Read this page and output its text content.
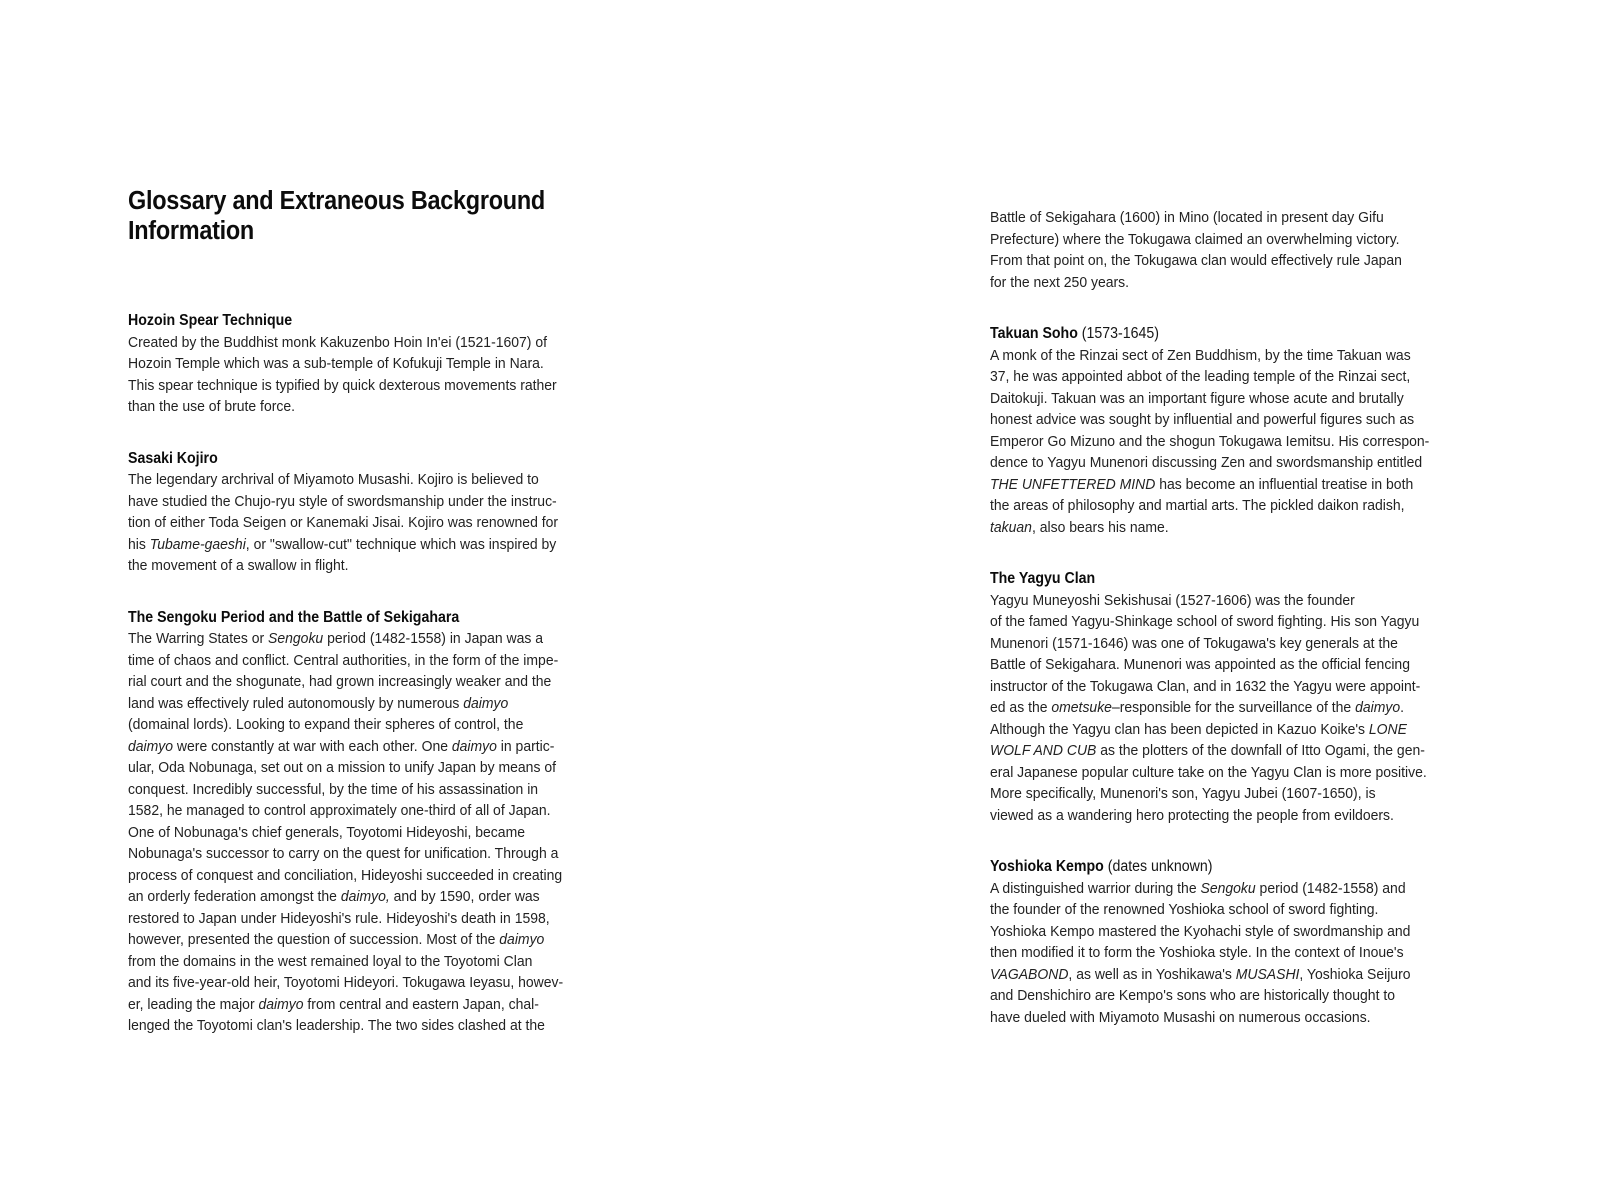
Glossary and Extraneous Background
Information
Hozoin Spear Technique
Created by the Buddhist monk Kakuzenbo Hoin In'ei (1521-1607) of
Hozoin Temple which was a sub-temple of Kofukuji Temple in Nara.
This spear technique is typified by quick dexterous movements rather
than the use of brute force.
Sasaki Kojiro
The legendary archrival of Miyamoto Musashi. Kojiro is believed to
have studied the Chujo-ryu style of swordsmanship under the instruc-
tion of either Toda Seigen or Kanemaki Jisai. Kojiro was renowned for
his Tubame-gaeshi, or "swallow-cut" technique which was inspired by
the movement of a swallow in flight.
The Sengoku Period and the Battle of Sekigahara
The Warring States or Sengoku period (1482-1558) in Japan was a
time of chaos and conflict. Central authorities, in the form of the impe-
rial court and the shogunate, had grown increasingly weaker and the
land was effectively ruled autonomously by numerous daimyo
(domainal lords). Looking to expand their spheres of control, the
daimyo were constantly at war with each other. One daimyo in partic-
ular, Oda Nobunaga, set out on a mission to unify Japan by means of
conquest. Incredibly successful, by the time of his assassination in
1582, he managed to control approximately one-third of all of Japan.
One of Nobunaga's chief generals, Toyotomi Hideyoshi, became
Nobunaga's successor to carry on the quest for unification. Through a
process of conquest and conciliation, Hideyoshi succeeded in creating
an orderly federation amongst the daimyo, and by 1590, order was
restored to Japan under Hideyoshi's rule. Hideyoshi's death in 1598,
however, presented the question of succession. Most of the daimyo
from the domains in the west remained loyal to the Toyotomi Clan
and its five-year-old heir, Toyotomi Hideyori. Tokugawa Ieyasu, howev-
er, leading the major daimyo from central and eastern Japan, chal-
lenged the Toyotomi clan's leadership. The two sides clashed at the
Battle of Sekigahara (1600) in Mino (located in present day Gifu
Prefecture) where the Tokugawa claimed an overwhelming victory.
From that point on, the Tokugawa clan would effectively rule Japan
for the next 250 years.
Takuan Soho (1573-1645)
A monk of the Rinzai sect of Zen Buddhism, by the time Takuan was
37, he was appointed abbot of the leading temple of the Rinzai sect,
Daitokuji. Takuan was an important figure whose acute and brutally
honest advice was sought by influential and powerful figures such as
Emperor Go Mizuno and the shogun Tokugawa Iemitsu. His correspon-
dence to Yagyu Munenori discussing Zen and swordsmanship entitled
THE UNFETTERED MIND has become an influential treatise in both
the areas of philosophy and martial arts. The pickled daikon radish,
takuan, also bears his name.
The Yagyu Clan
Yagyu Muneyoshi Sekishusai (1527-1606) was the founder
of the famed Yagyu-Shinkage school of sword fighting. His son Yagyu
Munenori (1571-1646) was one of Tokugawa's key generals at the
Battle of Sekigahara. Munenori was appointed as the official fencing
instructor of the Tokugawa Clan, and in 1632 the Yagyu were appoint-
ed as the ometsuke–responsible for the surveillance of the daimyo.
Although the Yagyu clan has been depicted in Kazuo Koike's LONE
WOLF AND CUB as the plotters of the downfall of Itto Ogami, the gen-
eral Japanese popular culture take on the Yagyu Clan is more positive.
More specifically, Munenori's son, Yagyu Jubei (1607-1650), is
viewed as a wandering hero protecting the people from evildoers.
Yoshioka Kempo (dates unknown)
A distinguished warrior during the Sengoku period (1482-1558) and
the founder of the renowned Yoshioka school of sword fighting.
Yoshioka Kempo mastered the Kyohachi style of swordmanship and
then modified it to form the Yoshioka style. In the context of Inoue's
VAGABOND, as well as in Yoshikawa's MUSASHI, Yoshioka Seijuro
and Denshichiro are Kempo's sons who are historically thought to
have dueled with Miyamoto Musashi on numerous occasions.
